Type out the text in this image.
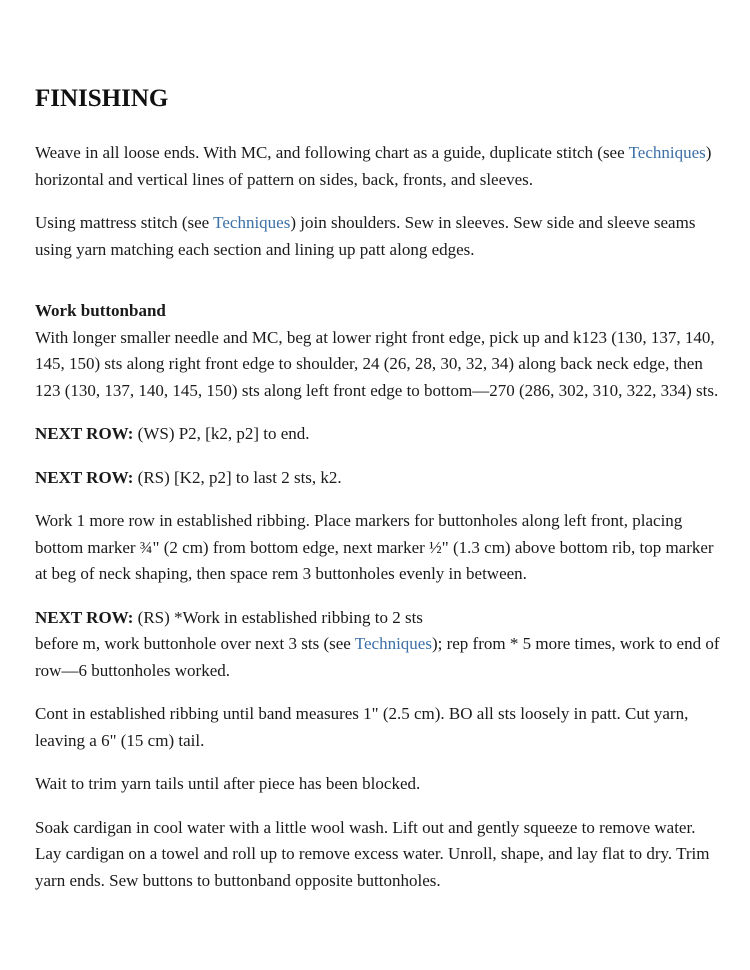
FINISHING

Weave in all loose ends. With MC, and following chart as a guide, duplicate stitch (see Techniques) horizontal and vertical lines of pattern on sides, back, fronts, and sleeves.

Using mattress stitch (see Techniques) join shoulders. Sew in sleeves. Sew side and sleeve seams using yarn matching each section and lining up patt along edges.

Work buttonband
With longer smaller needle and MC, beg at lower right front edge, pick up and k123 (130, 137, 140, 145, 150) sts along right front edge to shoulder, 24 (26, 28, 30, 32, 34) along back neck edge, then 123 (130, 137, 140, 145, 150) sts along left front edge to bottom—270 (286, 302, 310, 322, 334) sts.

NEXT ROW: (WS) P2, [k2, p2] to end.

NEXT ROW: (RS) [K2, p2] to last 2 sts, k2.

Work 1 more row in established ribbing. Place markers for buttonholes along left front, placing bottom marker ¾" (2 cm) from bottom edge, next marker ½" (1.3 cm) above bottom rib, top marker at beg of neck shaping, then space rem 3 buttonholes evenly in between.

NEXT ROW: (RS) *Work in established ribbing to 2 sts
before m, work buttonhole over next 3 sts (see Techniques); rep from * 5 more times, work to end of row—6 buttonholes worked.

Cont in established ribbing until band measures 1" (2.5 cm). BO all sts loosely in patt. Cut yarn, leaving a 6" (15 cm) tail.

Wait to trim yarn tails until after piece has been blocked.

Soak cardigan in cool water with a little wool wash. Lift out and gently squeeze to remove water. Lay cardigan on a towel and roll up to remove excess water. Unroll, shape, and lay flat to dry. Trim yarn ends. Sew buttons to buttonband opposite buttonholes.
